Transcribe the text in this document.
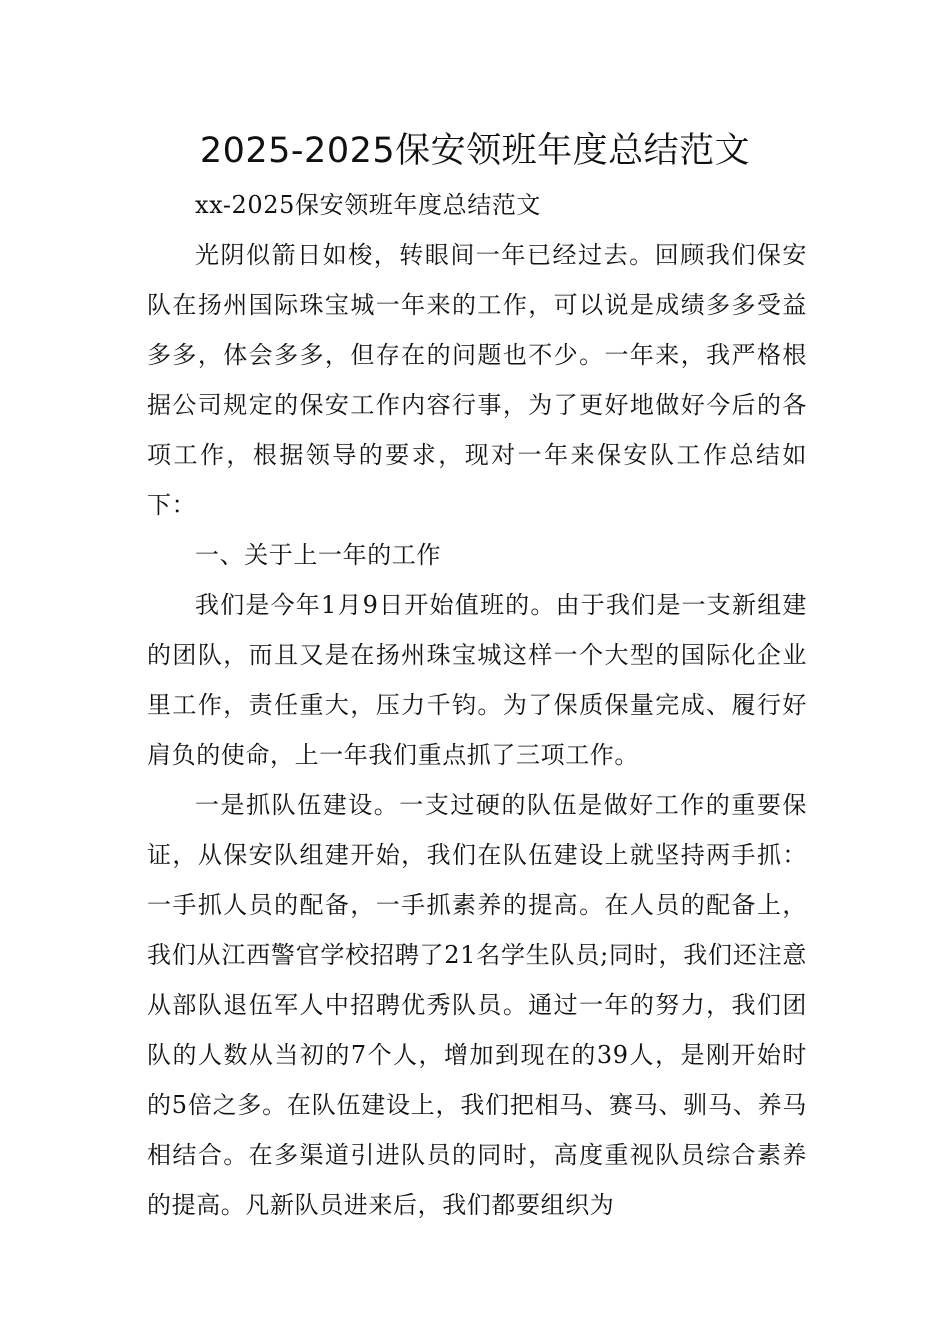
2025-2025保安领班年度总结范文

xx-2025保安领班年度总结范文

光阴似箭日如梭，转眼间一年已经过去。回顾我们保安队在扬州国际珠宝城一年来的工作，可以说是成绩多多受益多多，体会多多，但存在的问题也不少。一年来，我严格根据公司规定的保安工作内容行事，为了更好地做好今后的各项工作，根据领导的要求，现对一年来保安队工作总结如下：

一、关于上一年的工作

我们是今年1月9日开始值班的。由于我们是一支新组建的团队，而且又是在扬州珠宝城这样一个大型的国际化企业里工作，责任重大，压力千钧。为了保质保量完成、履行好肩负的使命，上一年我们重点抓了三项工作。

一是抓队伍建设。一支过硬的队伍是做好工作的重要保证，从保安队组建开始，我们在队伍建设上就坚持两手抓：一手抓人员的配备，一手抓素养的提高。在人员的配备上，我们从江西警官学校招聘了21名学生队员;同时，我们还注意从部队退伍军人中招聘优秀队员。通过一年的努力，我们团队的人数从当初的7个人，增加到现在的39人，是刚开始时的5倍之多。在队伍建设上，我们把相马、赛马、驯马、养马相结合。在多渠道引进队员的同时，高度重视队员综合素养的提高。凡新队员进来后，我们都要组织为
